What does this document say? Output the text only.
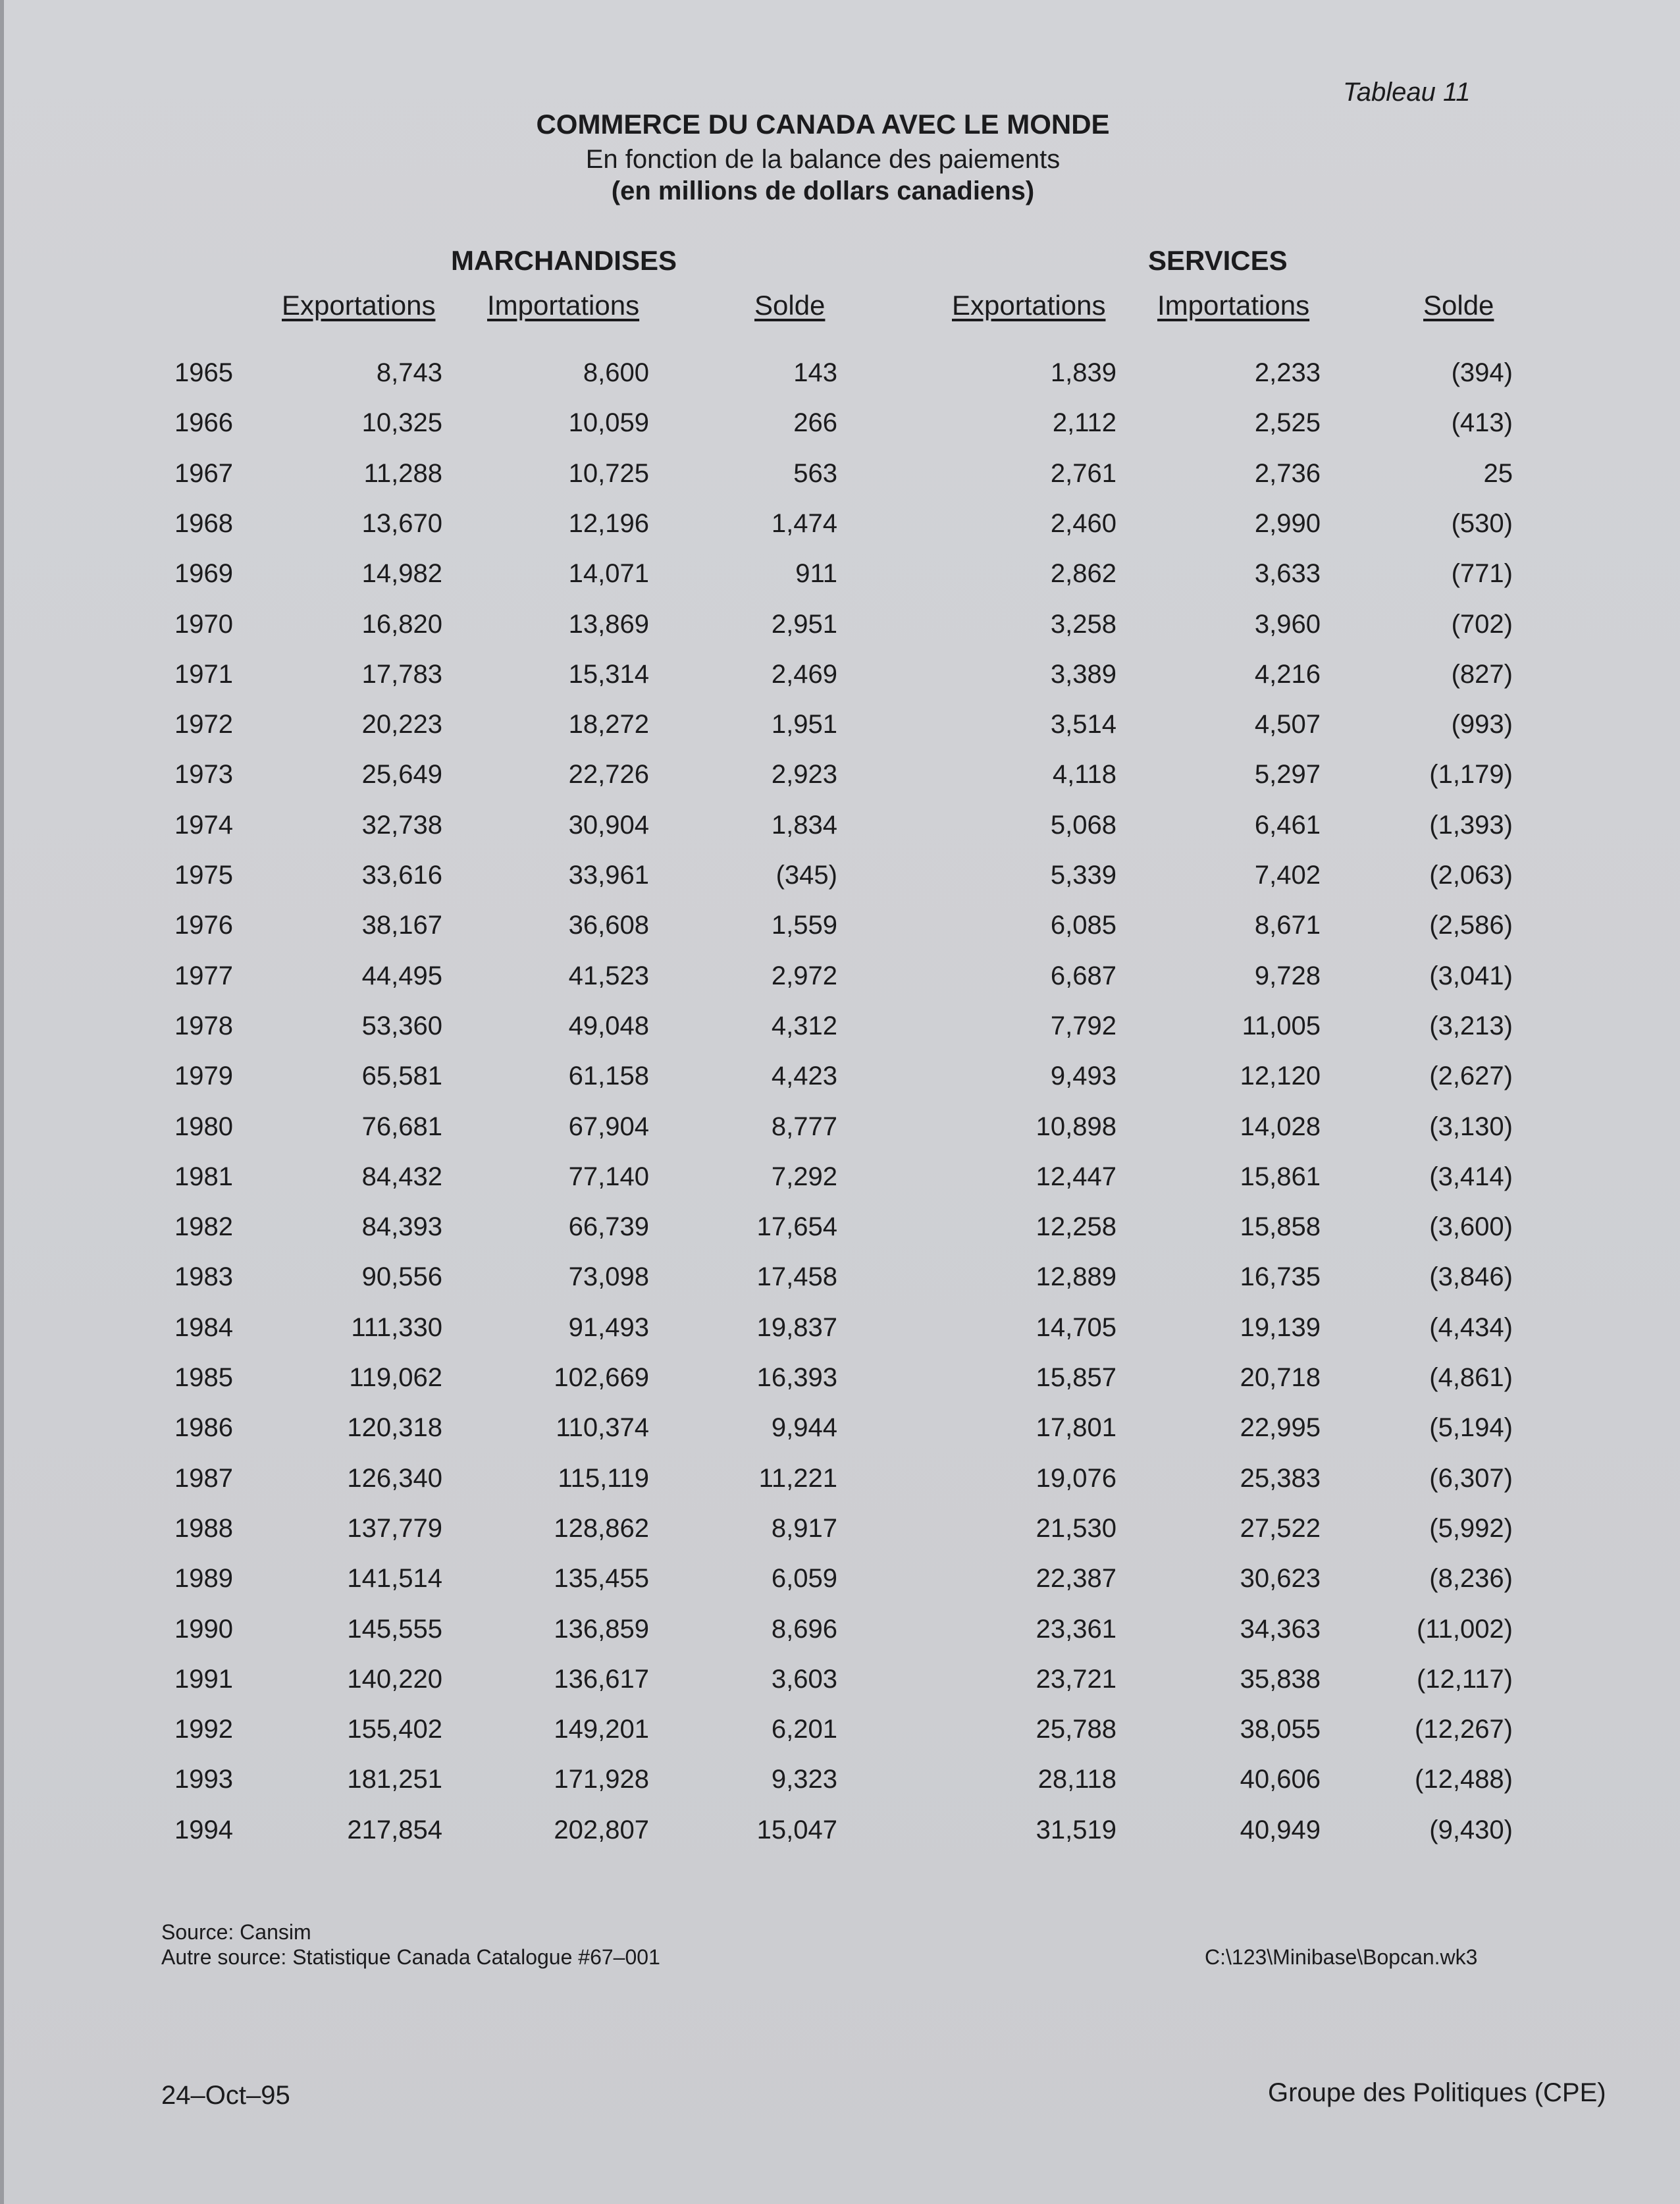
Tableau 11
COMMERCE DU CANADA AVEC LE MONDE
En fonction de la balance des paiements
(en millions de dollars canadiens)
MARCHANDISES	SERVICES
Exportations Importations	Solde	Exportations Importations	Solde
1965	8,743	8,600	143	1,839	2,233	(394)
1966	10,325	10,059	266	2,112	2,525	(413)
1967	11,288	10,725	563	2,761	2,736	25
1968	13,670	12,196	1,474	2,460	2,990	(530)
1969	14,982	14,071	911	2,862	3,633	(771)
1970	16,820	13,869	2,951	3,258	3,960	(702)
1971	17,783	15,314	2,469	3,389	4,216	(827)
1972	20,223	18,272	1,951	3,514	4,507	(993)
1973	25,649	22,726	2,923	4,118	5,297	(1,179)
1974	32,738	30,904	1,834	5,068	6,461	(1,393)
1975	33,616	33,961	(345)	5,339	7,402	(2,063)
1976	38,167	36,608	1,559	6,085	8,671	(2,586)
1977	44,495	41,523	2,972	6,687	9,728	(3,041)
1978	53,360	49,048	4,312	7,792	11,005	(3,213)
1979	65,581	61,158	4,423	9,493	12,120	(2,627)
1980	76,681	67,904	8,777	10,898	14,028	(3,130)
1981	84,432	77,140	7,292	12,447	15,861	(3,414)
1982	84,393	66,739	17,654	12,258	15,858	(3,600)
1983	90,556	73,098	17,458	12,889	16,735	(3,846)
1984	111,330	91,493	19,837	14,705	19,139	(4,434)
1985	119,062	102,669	16,393	15,857	20,718	(4,861)
1986	120,318	110,374	9,944	17,801	22,995	(5,194)
1987	126,340	115,119	11,221	19,076	25,383	(6,307)
1988	137,779	128,862	8,917	21,530	27,522	(5,992)
1989	141,514	135,455	6,059	22,387	30,623	(8,236)
1990	145,555	136,859	8,696	23,361	34,363	(11,002)
1991	140,220	136,617	3,603	23,721	35,838	(12,117)
1992	155,402	149,201	6,201	25,788	38,055	(12,267)
1993	181,251	171,928	9,323	28,118	40,606	(12,488)
1994	217,854	202,807	15,047	31,519	40,949	(9,430)
Source: Cansim
Autre source: Statistique Canada Catalogue #67–001	C:\123\Minibase\Bopcan.wk3
24–Oct–95	Groupe des Politiques (CPE)
